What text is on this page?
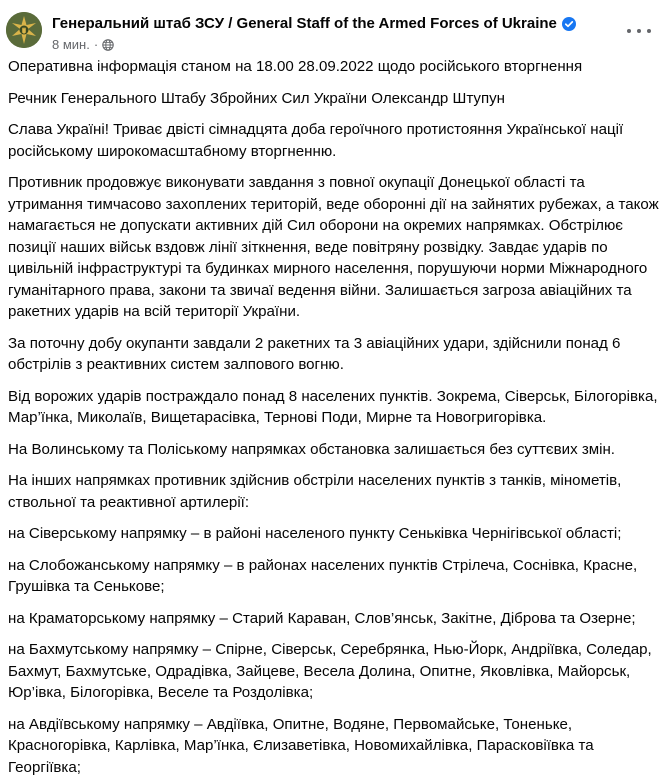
Генеральний штаб ЗСУ / General Staff of the Armed Forces of Ukraine
8 мин. ·

Оперативна інформація станом на 18.00 28.09.2022 щодо російського вторгнення

Речник Генерального Штабу Збройних Сил України Олександр Штупун

Слава Україні! Триває двісті сімнадцята доба героїчного протистояння Української нації російському широкомасштабному вторгненню.

Противник продовжує виконувати завдання з повної окупації Донецької області та утримання тимчасово захоплених територій, веде оборонні дії на зайнятих рубежах, а також намагається не допускати активних дій Сил оборони на окремих напрямках. Обстрілює позиції наших військ вздовж лінії зіткнення, веде повітряну розвідку. Завдає ударів по цивільній інфраструктурі та будинках мирного населення, порушуючи норми Міжнародного гуманітарного права, закони та звичаї ведення війни. Залишається загроза авіаційних та ракетних ударів на всій території України.

За поточну добу окупанти завдали 2 ракетних та 3 авіаційних удари, здійснили понад 6 обстрілів з реактивних систем залпового вогню.

Від ворожих ударів постраждало понад 8 населених пунктів. Зокрема, Сіверськ, Білогорівка, Мар’їнка, Миколаїв, Вищетарасівка, Тернові Поди, Мирне та Новогригорівка.

На Волинському та Поліському напрямках обстановка залишається без суттєвих змін.

На інших напрямках противник здійснив обстріли населених пунктів з танків, мінометів, ствольної та реактивної артилерії:

на Сіверському напрямку – в районі населеного пункту Сеньківка Чернігівської області;

на Слобожанському напрямку – в районах населених пунктів Стрілеча, Соснівка, Красне, Грушівка та Сенькове;

на Краматорському напрямку – Старий Караван, Слов’янськ, Закітне, Діброва та Озерне;

на Бахмутському напрямку – Спірне, Сіверськ, Серебрянка, Нью-Йорк, Андріївка, Соледар, Бахмут, Бахмутське, Одрадівка, Зайцеве, Весела Долина, Опитне, Яковлівка, Майорськ, Юр’івка, Білогорівка, Веселе та Роздолівка;

на Авдіївському напрямку – Авдіївка, Опитне, Водяне, Первомайське, Тоненьке, Красногорівка, Карлівка, Мар’їнка, Єлизаветівка, Новомихайлівка, Парасковіївка та Георгіївка;
